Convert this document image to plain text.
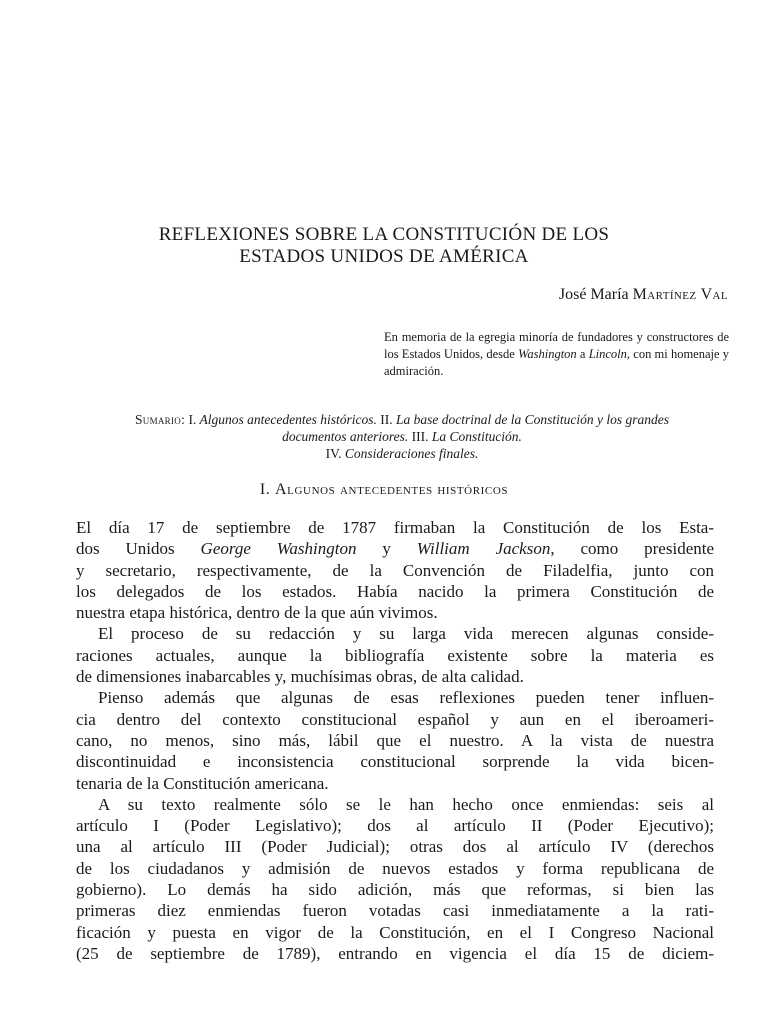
REFLEXIONES SOBRE LA CONSTITUCIÓN DE LOS
ESTADOS UNIDOS DE AMÉRICA
José María Martínez Val
En memoria de la egregia minoría de fundadores y constructores de los Estados Unidos, desde Washington a Lincoln, con mi homenaje y admiración.
Sumario: I. Algunos antecedentes históricos. II. La base doctrinal de la Constitución y los grandes documentos anteriores. III. La Constitución.
IV. Consideraciones finales.
I. Algunos antecedentes históricos
El día 17 de septiembre de 1787 firmaban la Constitución de los Esta-
dos Unidos George Washington y William Jackson, como presidente
y secretario, respectivamente, de la Convención de Filadelfia, junto con
los delegados de los estados. Había nacido la primera Constitución de
nuestra etapa histórica, dentro de la que aún vivimos.
El proceso de su redacción y su larga vida merecen algunas conside-
raciones actuales, aunque la bibliografía existente sobre la materia es
de dimensiones inabarcables y, muchísimas obras, de alta calidad.
Pienso además que algunas de esas reflexiones pueden tener influen-
cia dentro del contexto constitucional español y aun en el iberoameri-
cano, no menos, sino más, lábil que el nuestro. A la vista de nuestra
discontinuidad e inconsistencia constitucional sorprende la vida bicen-
tenaria de la Constitución americana.
A su texto realmente sólo se le han hecho once enmiendas: seis al
artículo I (Poder Legislativo); dos al artículo II (Poder Ejecutivo);
una al artículo III (Poder Judicial); otras dos al artículo IV (derechos
de los ciudadanos y admisión de nuevos estados y forma republicana de
gobierno). Lo demás ha sido adición, más que reformas, si bien las
primeras diez enmiendas fueron votadas casi inmediatamente a la rati-
ficación y puesta en vigor de la Constitución, en el I Congreso Nacional
(25 de septiembre de 1789), entrando en vigencia el día 15 de diciem-
